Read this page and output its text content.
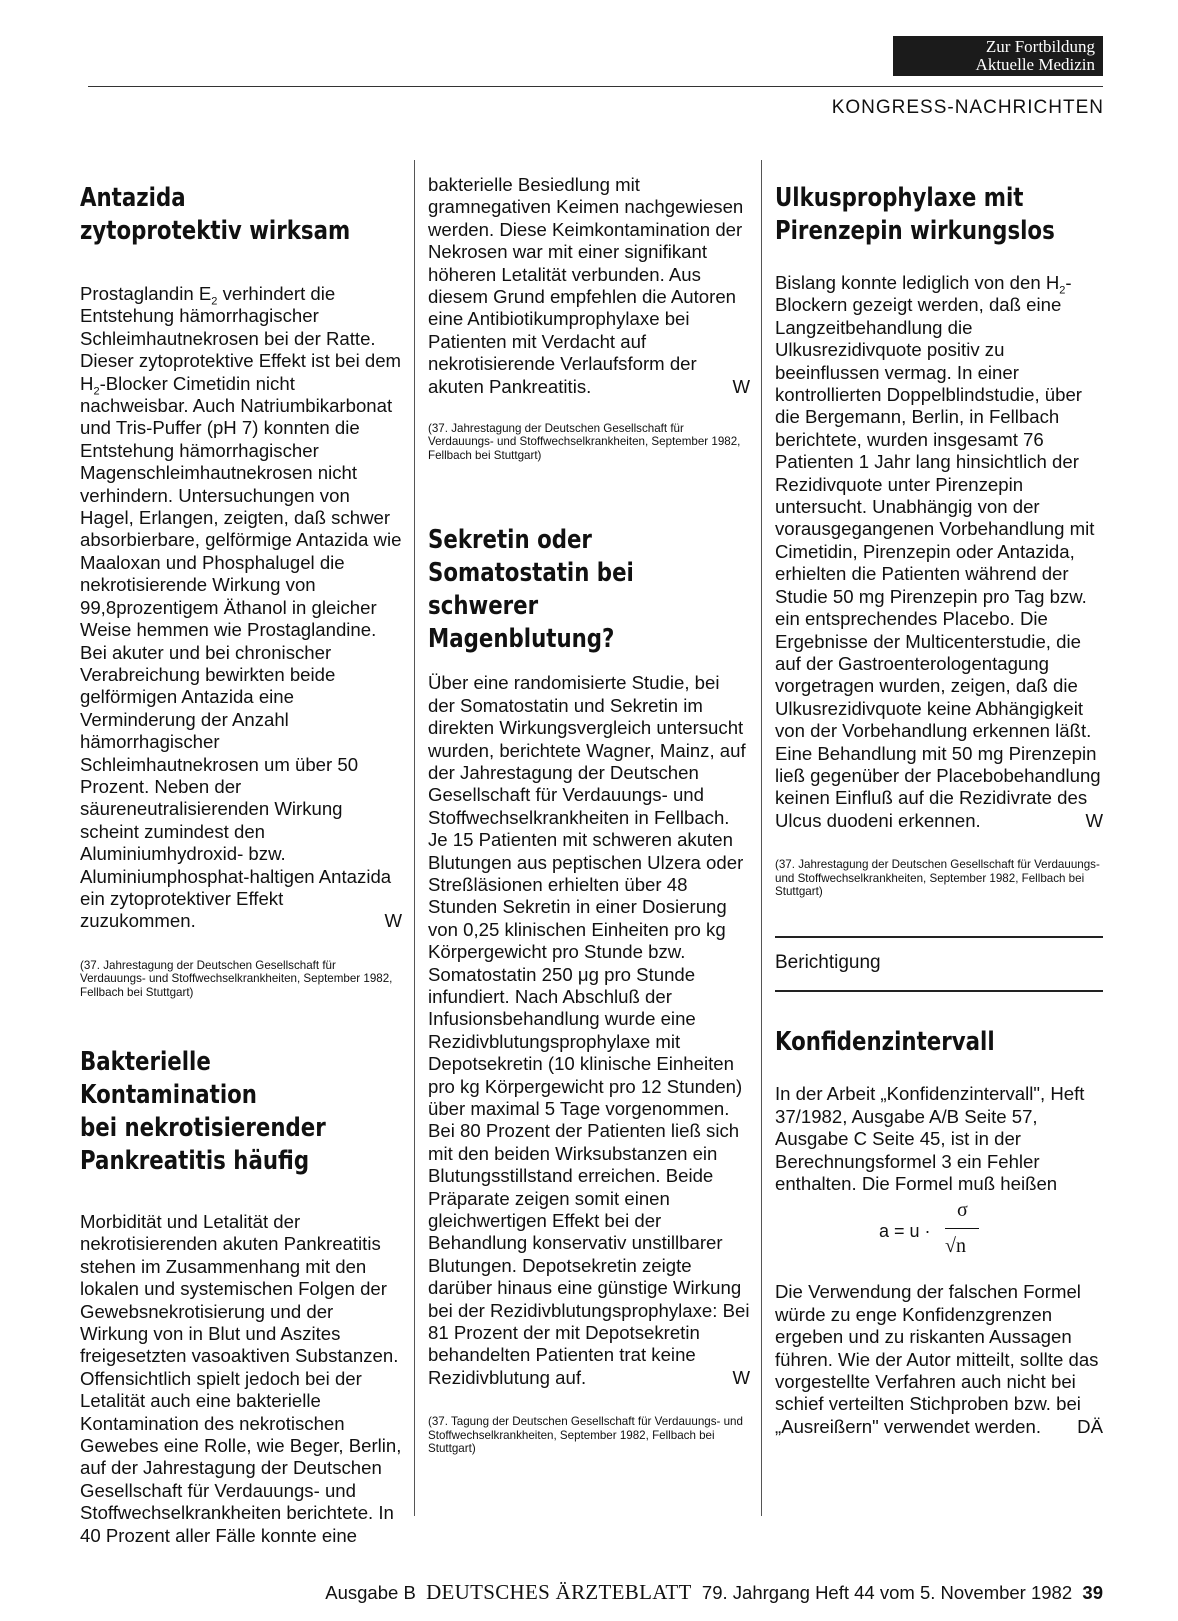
Zur Fortbildung
Aktuelle Medizin
KONGRESS-NACHRICHTEN
Antazida
zytoprotektiv wirksam

Prostaglandin $E_2$ verhindert die Entstehung hämorrhagischer Schleimhautnekrosen bei der Ratte. Dieser zytoprotektive Effekt ist bei dem $H_2$-Blocker Cimetidin nicht nachweisbar. Auch Natriumbikarbonat und Tris-Puffer (pH 7) konnten die Entstehung hämorrhagischer Magenschleimhautnekrosen nicht verhindern. Untersuchungen von Hagel, Erlangen, zeigten, daß schwer absorbierbare, gelförmige Antazida wie Maaloxan und Phosphalugel die nekrotisierende Wirkung von 99,8prozentigem Äthanol in gleicher Weise hemmen wie Prostaglandine. Bei akuter und bei chronischer Verabreichung bewirkten beide gelförmigen Antazida eine Verminderung der Anzahl hämorrhagischer Schleimhautnekrosen um über 50 Prozent. Neben der säureneutralisierenden Wirkung scheint zumindest den Aluminiumhydroxid- bzw. Aluminiumphosphat-haltigen Antazida ein zytoprotektiver Effekt zuzukommen.	W

(37. Jahrestagung der Deutschen Gesellschaft für Verdauungs- und Stoffwechselkrankheiten, September 1982, Fellbach bei Stuttgart)

Bakterielle
Kontamination
bei nekrotisierender
Pankreatitis häufig

Morbidität und Letalität der nekrotisierenden akuten Pankreatitis stehen im Zusammenhang mit den lokalen und systemischen Folgen der Gewebsnekrotisierung und der Wirkung von in Blut und Aszites freigesetzten vasoaktiven Substanzen. Offensichtlich spielt jedoch bei der Letalität auch eine bakterielle Kontamination des nekrotischen Gewebes eine Rolle, wie Beger, Berlin, auf der Jahrestagung der Deutschen Gesellschaft für Verdauungs- und Stoffwechselkrankheiten berichtete. In 40 Prozent aller Fälle konnte eine

bakterielle Besiedlung mit gramnegativen Keimen nachgewiesen werden. Diese Keimkontamination der Nekrosen war mit einer signifikant höheren Letalität verbunden. Aus diesem Grund empfehlen die Autoren eine Antibiotikumprophylaxe bei Patienten mit Verdacht auf nekrotisierende Verlaufsform der akuten Pankreatitis.	W

(37. Jahrestagung der Deutschen Gesellschaft für Verdauungs- und Stoffwechselkrankheiten, September 1982, Fellbach bei Stuttgart)

Sekretin oder
Somatostatin bei schwerer
Magenblutung?

Über eine randomisierte Studie, bei der Somatostatin und Sekretin im direkten Wirkungsvergleich untersucht wurden, berichtete Wagner, Mainz, auf der Jahrestagung der Deutschen Gesellschaft für Verdauungs- und Stoffwechselkrankheiten in Fellbach. Je 15 Patienten mit schweren akuten Blutungen aus peptischen Ulzera oder Streßläsionen erhielten über 48 Stunden Sekretin in einer Dosierung von 0,25 klinischen Einheiten pro kg Körpergewicht pro Stunde bzw. Somatostatin 250 μg pro Stunde infundiert. Nach Abschluß der Infusionsbehandlung wurde eine Rezidivblutungsprophylaxe mit Depotsekretin (10 klinische Einheiten pro kg Körpergewicht pro 12 Stunden) über maximal 5 Tage vorgenommen. Bei 80 Prozent der Patienten ließ sich mit den beiden Wirksubstanzen ein Blutungsstillstand erreichen. Beide Präparate zeigen somit einen gleichwertigen Effekt bei der Behandlung konservativ unstillbarer Blutungen. Depotsekretin zeigte darüber hinaus eine günstige Wirkung bei der Rezidivblutungsprophylaxe: Bei 81 Prozent der mit Depotsekretin behandelten Patienten trat keine Rezidivblutung auf.	W

(37. Tagung der Deutschen Gesellschaft für Verdauungs- und Stoffwechselkrankheiten, September 1982, Fellbach bei Stuttgart)

Ulkusprophylaxe mit
Pirenzepin wirkungslos

Bislang konnte lediglich von den $H_2$-Blockern gezeigt werden, daß eine Langzeitbehandlung die Ulkusrezidivquote positiv zu beeinflussen vermag. In einer kontrollierten Doppelblindstudie, über die Bergemann, Berlin, in Fellbach berichtete, wurden insgesamt 76 Patienten 1 Jahr lang hinsichtlich der Rezidivquote unter Pirenzepin untersucht. Unabhängig von der vorausgegangenen Vorbehandlung mit Cimetidin, Pirenzepin oder Antazida, erhielten die Patienten während der Studie 50 mg Pirenzepin pro Tag bzw. ein entsprechendes Placebo. Die Ergebnisse der Multicenterstudie, die auf der Gastroenterologentagung vorgetragen wurden, zeigen, daß die Ulkusrezidivquote keine Abhängigkeit von der Vorbehandlung erkennen läßt. Eine Behandlung mit 50 mg Pirenzepin ließ gegenüber der Placebobehandlung keinen Einfluß auf die Rezidivrate des Ulcus duodeni erkennen.	W

(37. Jahrestagung der Deutschen Gesellschaft für Verdauungs- und Stoffwechselkrankheiten, September 1982, Fellbach bei Stuttgart)

Berichtigung
Konfidenzintervall

In der Arbeit „Konfidenzintervall", Heft 37/1982, Ausgabe A/B Seite 57, Ausgabe C Seite 45, ist in der Berechnungsformel 3 ein Fehler enthalten. Die Formel muß heißen

a = u ·
σ
√n

Die Verwendung der falschen Formel würde zu enge Konfidenzgrenzen ergeben und zu riskanten Aussagen führen. Wie der Autor mitteilt, sollte das vorgestellte Verfahren auch nicht bei schief verteilten Stichproben bzw. bei „Ausreißern" verwendet werden. DÄ

Ausgabe B DEUTSCHES ÄRZTEBLATT 79. Jahrgang Heft 44 vom 5. November 1982 39
